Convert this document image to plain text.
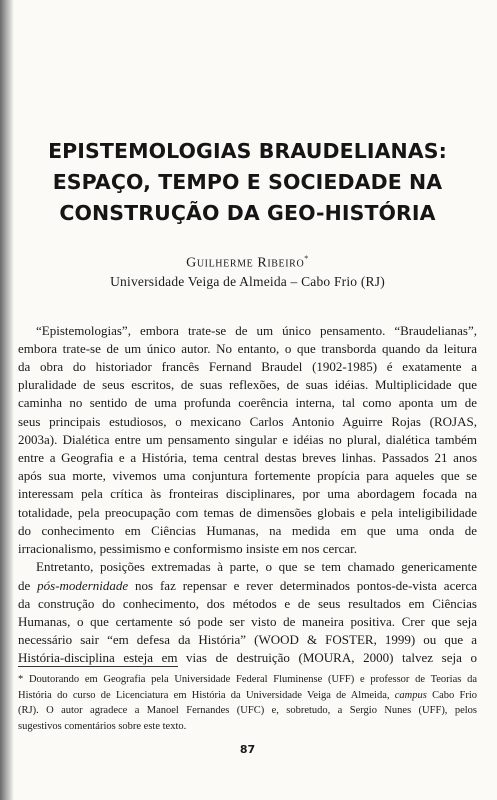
EPISTEMOLOGIAS BRAUDELIANAS:
ESPAÇO, TEMPO E SOCIEDADE NA
CONSTRUÇÃO DA GEO-HISTÓRIA
Guilherme Ribeiro*
Universidade Veiga de Almeida – Cabo Frio (RJ)

“Epistemologias”, embora trate-se de um único pensamento. “Braudelianas”,
embora trate-se de um único autor. No entanto, o que transborda quando da leitura
da obra do historiador francês Fernand Braudel (1902-1985) é exatamente a
pluralidade de seus escritos, de suas reflexões, de suas idéias. Multiplicidade que
caminha no sentido de uma profunda coerência interna, tal como aponta um de
seus principais estudiosos, o mexicano Carlos Antonio Aguirre Rojas (ROJAS,
2003a). Dialética entre um pensamento singular e idéias no plural, dialética também
entre a Geografia e a História, tema central destas breves linhas. Passados 21 anos
após sua morte, vivemos uma conjuntura fortemente propícia para aqueles que se
interessam pela crítica às fronteiras disciplinares, por uma abordagem focada na
totalidade, pela preocupação com temas de dimensões globais e pela inteligibilidade
do conhecimento em Ciências Humanas, na medida em que uma onda de
irracionalismo, pessimismo e conformismo insiste em nos cercar.

Entretanto, posições extremadas à parte, o que se tem chamado genericamente
de pós-modernidade nos faz repensar e rever determinados pontos-de-vista acerca
da construção do conhecimento, dos métodos e de seus resultados em Ciências
Humanas, o que certamente só pode ser visto de maneira positiva. Crer que seja
necessário sair “em defesa da História” (WOOD & FOSTER, 1999) ou que a
História-disciplina esteja em vias de destruição (MOURA, 2000) talvez seja o

* Doutorando em Geografia pela Universidade Federal Fluminense (UFF) e professor de Teorias da
História do curso de Licenciatura em História da Universidade Veiga de Almeida, campus Cabo Frio
(RJ). O autor agradece a Manoel Fernandes (UFC) e, sobretudo, a Sergio Nunes (UFF), pelos
sugestivos comentários sobre este texto.
87
